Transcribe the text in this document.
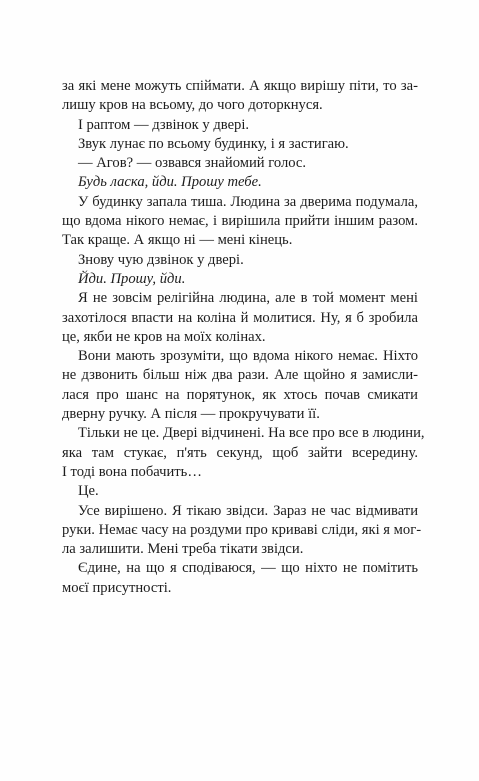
за які мене можуть спіймати. А якщо вирішу піти, то за-
лишу кров на всьому, до чого доторкнуся.
І раптом — дзвінок у двері.
Звук лунає по всьому будинку, і я застигаю.
— Агов? — озвався знайомий голос.
Будь ласка, йди. Прошу тебе.
У будинку запала тиша. Людина за дверима подумала,
що вдома нікого немає, і вирішила прийти іншим разом.
Так краще. А якщо ні — мені кінець.
Знову чую дзвінок у двері.
Йди. Прошу, йди.
Я не зовсім релігійна людина, але в той момент мені
захотілося впасти на коліна й молитися. Ну, я б зробила
це, якби не кров на моїх колінах.
Вони мають зрозуміти, що вдома нікого немає. Ніхто
не дзвонить більш ніж два рази. Але щойно я замисли-
лася про шанс на порятунок, як хтось почав смикати
дверну ручку. А після — прокручувати її.
Тільки не це. Двері відчинені. На все про все в людини,
яка там стукає, п'ять секунд, щоб зайти всередину.
І тоді вона побачить…
Це.
Усе вирішено. Я тікаю звідси. Зараз не час відмивати
руки. Немає часу на роздуми про криваві сліди, які я мог-
ла залишити. Мені треба тікати звідси.
Єдине, на що я сподіваюся, — що ніхто не помітить
моєї присутності.
